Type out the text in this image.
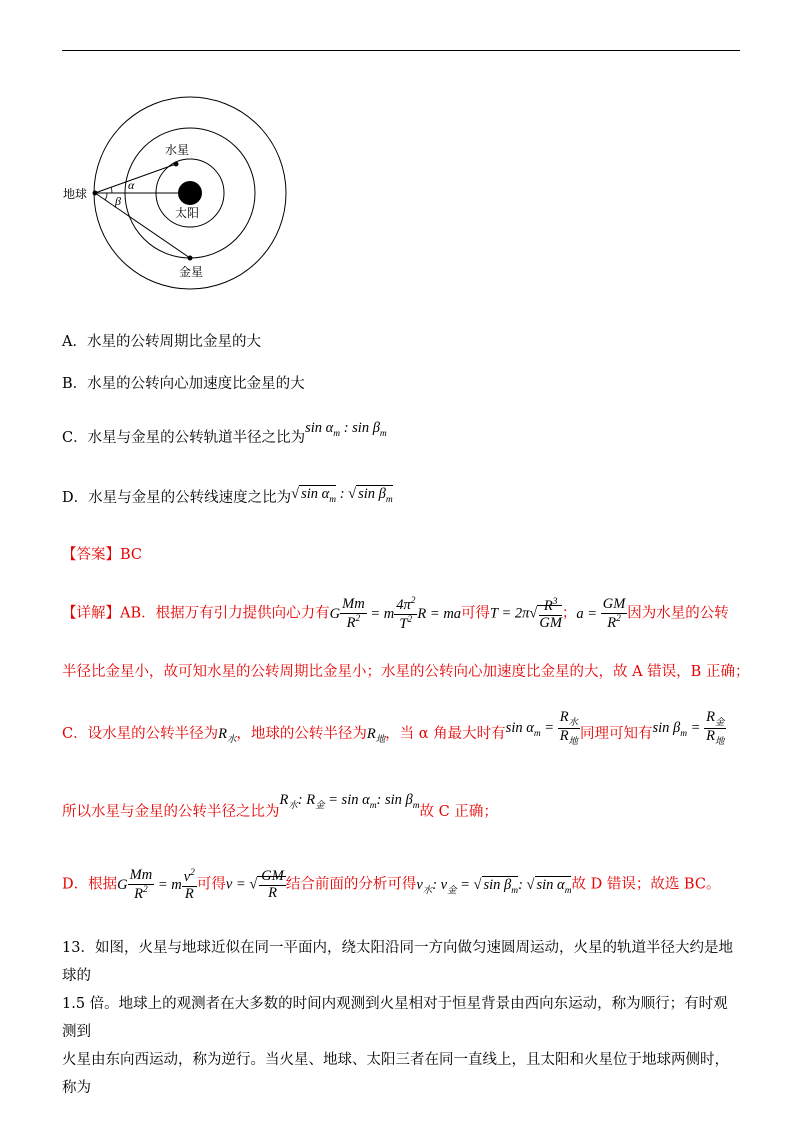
地球
水星
金星
太阳
α
β
A．水星的公转周期比金星的大
B．水星的公转向心加速度比金星的大
C．水星与金星的公转轨道半径之比为$\sin \alpha_m$ : $\sin \beta_m$
D．水星与金星的公转线速度之比为√ $\sin \alpha_m$ : √ $\sin \beta_m$
【答案】BC
【详解】AB．根据万有引力提供向心力有G $\frac{Mm}{R^2} = m \frac{4\pi^2}{T^2}$ R = ma可得$T = 2\pi√ \frac{R^3}{GM}$ ；$a = \frac{GM}{R^2}$ 因为水星的公转
半径比金星小，故可知水星的公转周期比金星小；水星的公转向心加速度比金星的大，故 A 错误，B 正确；
C．设水星的公转半径为$R_水$，地球的公转半径为$R_地$，当 α 角最大时有$\sin \alpha_m = \frac{R_水}{R_地}$ 同理可知有$\sin \beta_m = \frac{R_金}{R_地}$
所以水星与金星的公转半径之比为$R_水$: $R_金 = \sin \alpha_m$: $\sin \beta_m$故 C 正确；
D．根据G $\frac{Mm}{R^2} = m \frac{v^2}{R}$ 可得v = √ $\frac{GM}{R}$ 结合前面的分析可得$v_水$: $v_金$ = √ $\sin \beta_m$: √ $\sin \alpha_m$故 D 错误；故选 BC。
13．如图，火星与地球近似在同一平面内，绕太阳沿同一方向做匀速圆周运动，火星的轨道半径大约是地球的
1.5 倍。地球上的观测者在大多数的时间内观测到火星相对于恒星背景由西向东运动，称为顺行；有时观测到
火星由东向西运动，称为逆行。当火星、地球、太阳三者在同一直线上，且太阳和火星位于地球两侧时，称为
